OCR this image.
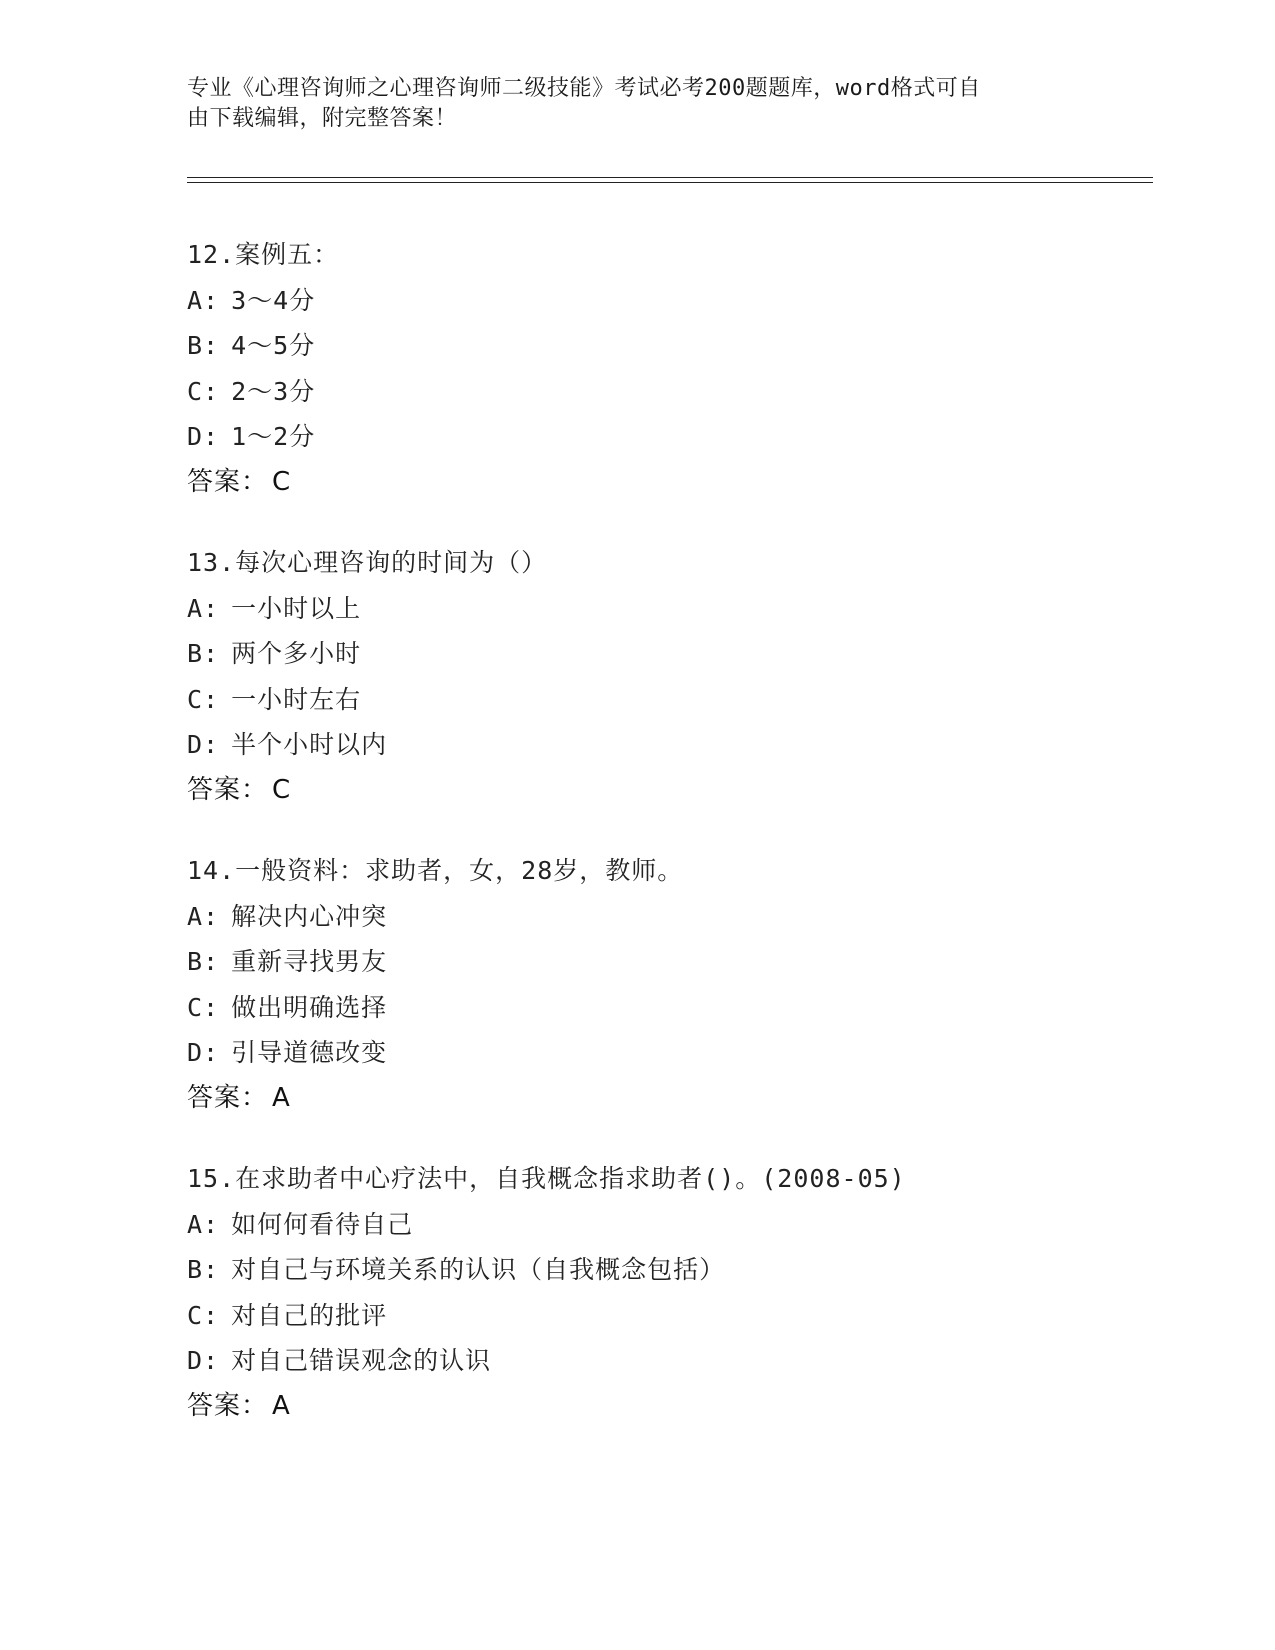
专业《心理咨询师之心理咨询师二级技能》考试必考200题题库，word格式可自
由下载编辑，附完整答案！
12.案例五：
A: 3～4分
B: 4～5分
C: 2～3分
D: 1～2分
答案： C
13.每次心理咨询的时间为（）
A: 一小时以上
B: 两个多小时
C: 一小时左右
D: 半个小时以内
答案： C
14.一般资料：求助者，女，28岁，教师。
A: 解决内心冲突
B: 重新寻找男友
C: 做出明确选择
D: 引导道德改变
答案： A
15.在求助者中心疗法中，自我概念指求助者()。(2008-05)
A: 如何何看待自己
B: 对自己与环境关系的认识（自我概念包括）
C: 对自己的批评
D: 对自己错误观念的认识
答案： A
